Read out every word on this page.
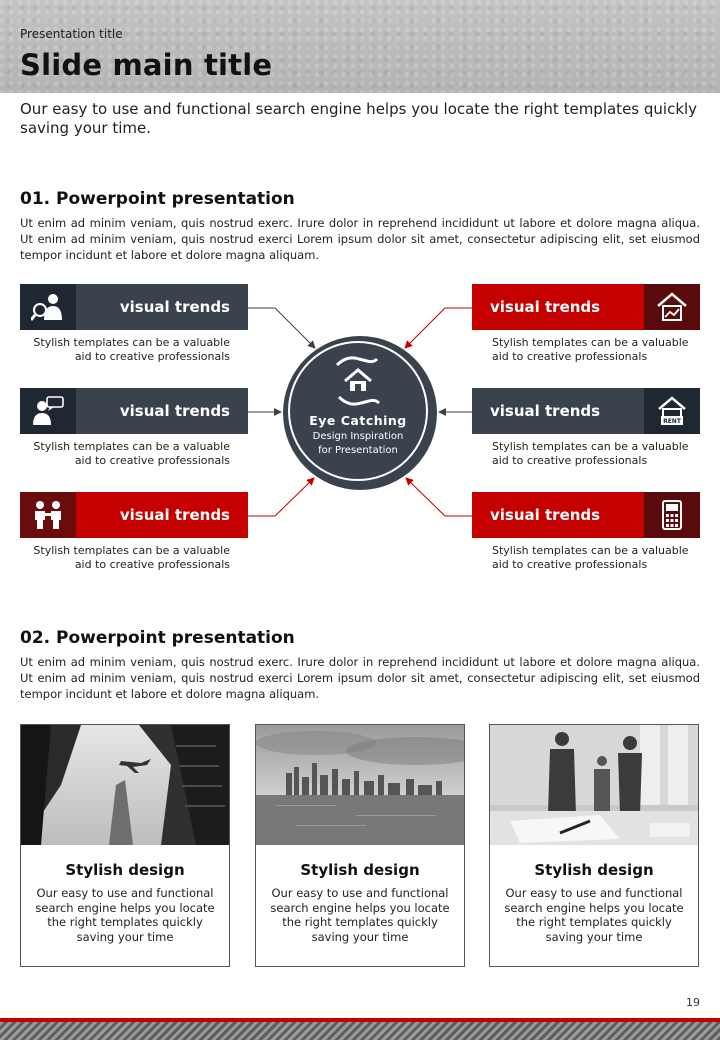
Presentation title
Slide main title
Our easy to use and functional search engine helps you locate the right templates quickly saving your time.
01. Powerpoint presentation
Ut enim ad minim veniam, quis nostrud exerc. Irure dolor in reprehend incididunt ut labore et dolore magna aliqua. Ut enim ad minim veniam, quis nostrud exerci Lorem ipsum dolor sit amet, consectetur adipiscing elit, set eiusmod tempor incidunt et labore et dolore magna aliquam.
visual trends
Stylish templates can be a valuable aid to creative professionals
visual trends
Stylish templates can be a valuable aid to creative professionals
visual trends
Stylish templates can be a valuable aid to creative professionals
visual trends
Stylish templates can be a valuable aid to creative professionals
visual trends
RENT
Stylish templates can be a valuable aid to creative professionals
visual trends
Stylish templates can be a valuable aid to creative professionals
Eye Catching
Design Inspiration
for Presentation
02. Powerpoint presentation
Ut enim ad minim veniam, quis nostrud exerc. Irure dolor in reprehend incididunt ut labore et dolore magna aliqua. Ut enim ad minim veniam, quis nostrud exerci Lorem ipsum dolor sit amet, consectetur adipiscing elit, set eiusmod tempor incidunt et labore et dolore magna aliquam.
Stylish design
Our easy to use and functional search engine helps you locate the right templates quickly saving your time
Stylish design
Our easy to use and functional search engine helps you locate the right templates quickly saving your time
Stylish design
Our easy to use and functional search engine helps you locate the right templates quickly saving your time
19
